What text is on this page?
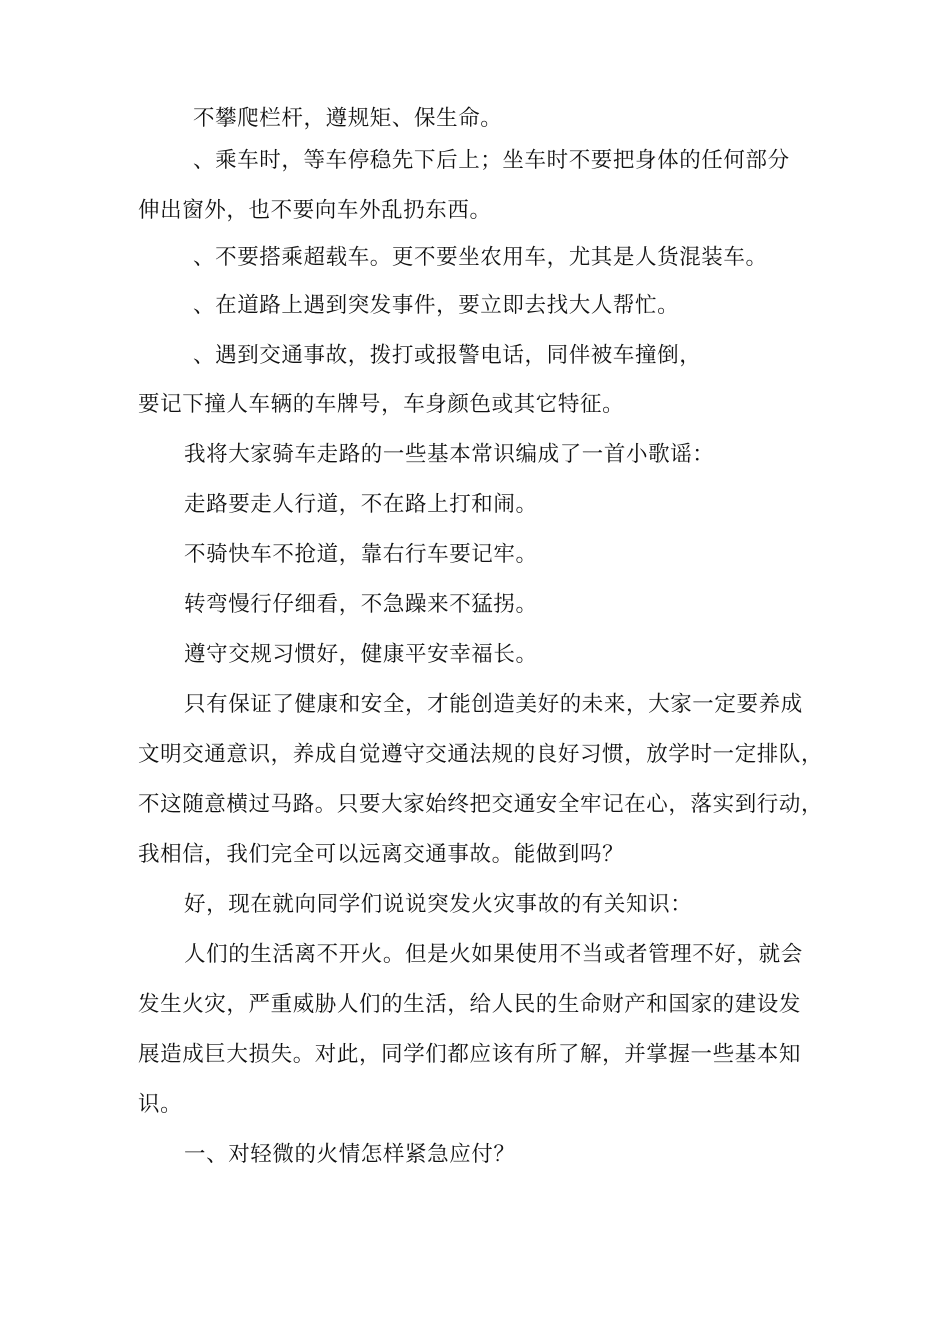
不攀爬栏杆，遵规矩、保生命。
、乘车时，等车停稳先下后上；坐车时不要把身体的任何部分
伸出窗外，也不要向车外乱扔东西。
、不要搭乘超载车。更不要坐农用车，尤其是人货混装车。
、在道路上遇到突发事件，要立即去找大人帮忙。
、遇到交通事故，拨打或报警电话，同伴被车撞倒，
要记下撞人车辆的车牌号，车身颜色或其它特征。
我将大家骑车走路的一些基本常识编成了一首小歌谣：
走路要走人行道，不在路上打和闹。
不骑快车不抢道，靠右行车要记牢。
转弯慢行仔细看，不急躁来不猛拐。
遵守交规习惯好，健康平安幸福长。
只有保证了健康和安全，才能创造美好的未来，大家一定要养成
文明交通意识，养成自觉遵守交通法规的良好习惯，放学时一定排队，
不这随意横过马路。只要大家始终把交通安全牢记在心，落实到行动，
我相信，我们完全可以远离交通事故。能做到吗？
好，现在就向同学们说说突发火灾事故的有关知识：
人们的生活离不开火。但是火如果使用不当或者管理不好，就会
发生火灾，严重威胁人们的生活，给人民的生命财产和国家的建设发
展造成巨大损失。对此，同学们都应该有所了解，并掌握一些基本知
识。
一、对轻微的火情怎样紧急应付？
